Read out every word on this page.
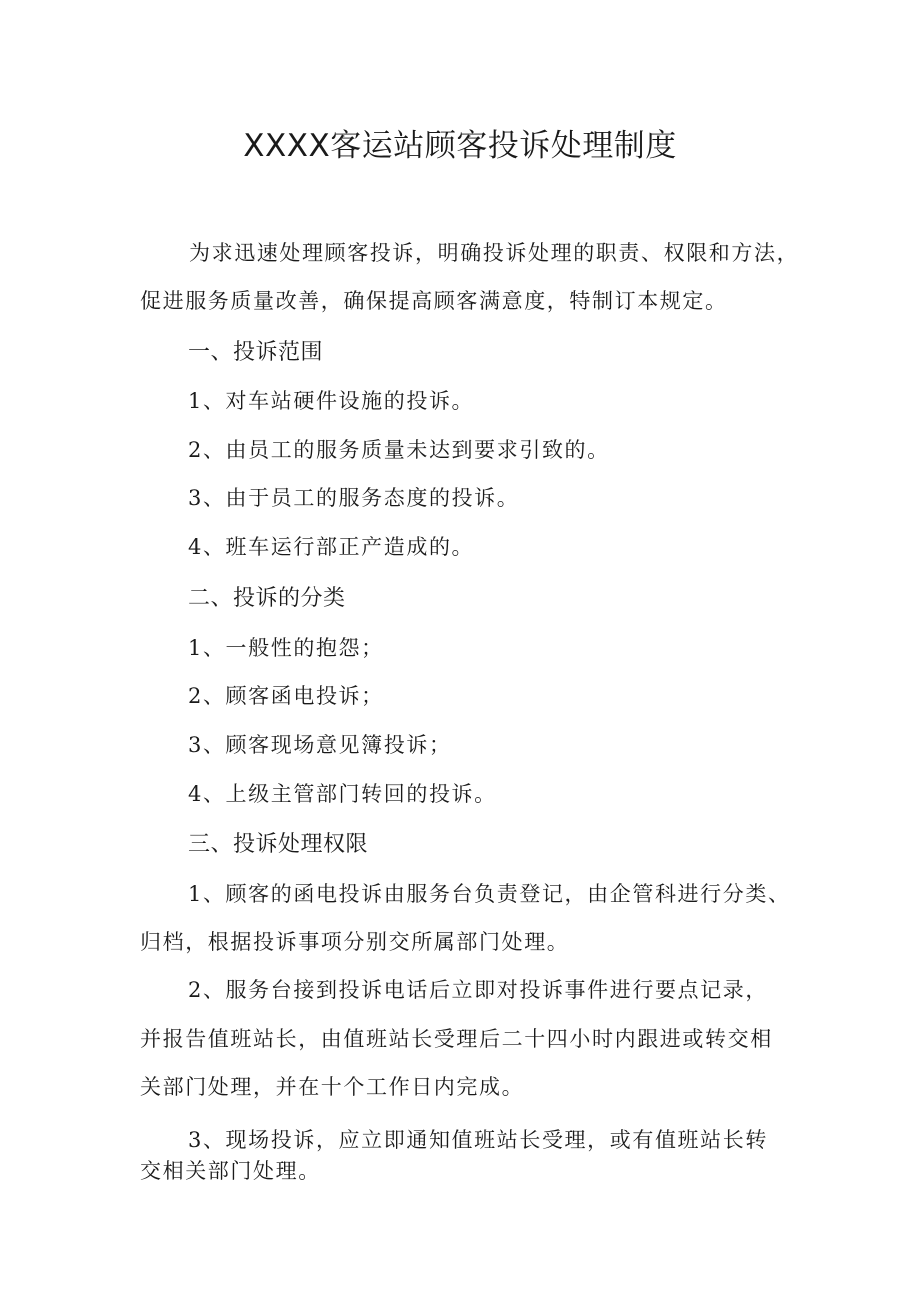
XXXX客运站顾客投诉处理制度
为求迅速处理顾客投诉，明确投诉处理的职责、权限和方法，
促进服务质量改善，确保提高顾客满意度，特制订本规定。
一、投诉范围
1、对车站硬件设施的投诉。
2、由员工的服务质量未达到要求引致的。
3、由于员工的服务态度的投诉。
4、班车运行部正产造成的。
二、投诉的分类
1、一般性的抱怨；
2、顾客函电投诉；
3、顾客现场意见簿投诉；
4、上级主管部门转回的投诉。
三、投诉处理权限
1、顾客的函电投诉由服务台负责登记，由企管科进行分类、
归档，根据投诉事项分别交所属部门处理。
2、服务台接到投诉电话后立即对投诉事件进行要点记录，
并报告值班站长，由值班站长受理后二十四小时内跟进或转交相
关部门处理，并在十个工作日内完成。
3、现场投诉，应立即通知值班站长受理，或有值班站长转
交相关部门处理。
